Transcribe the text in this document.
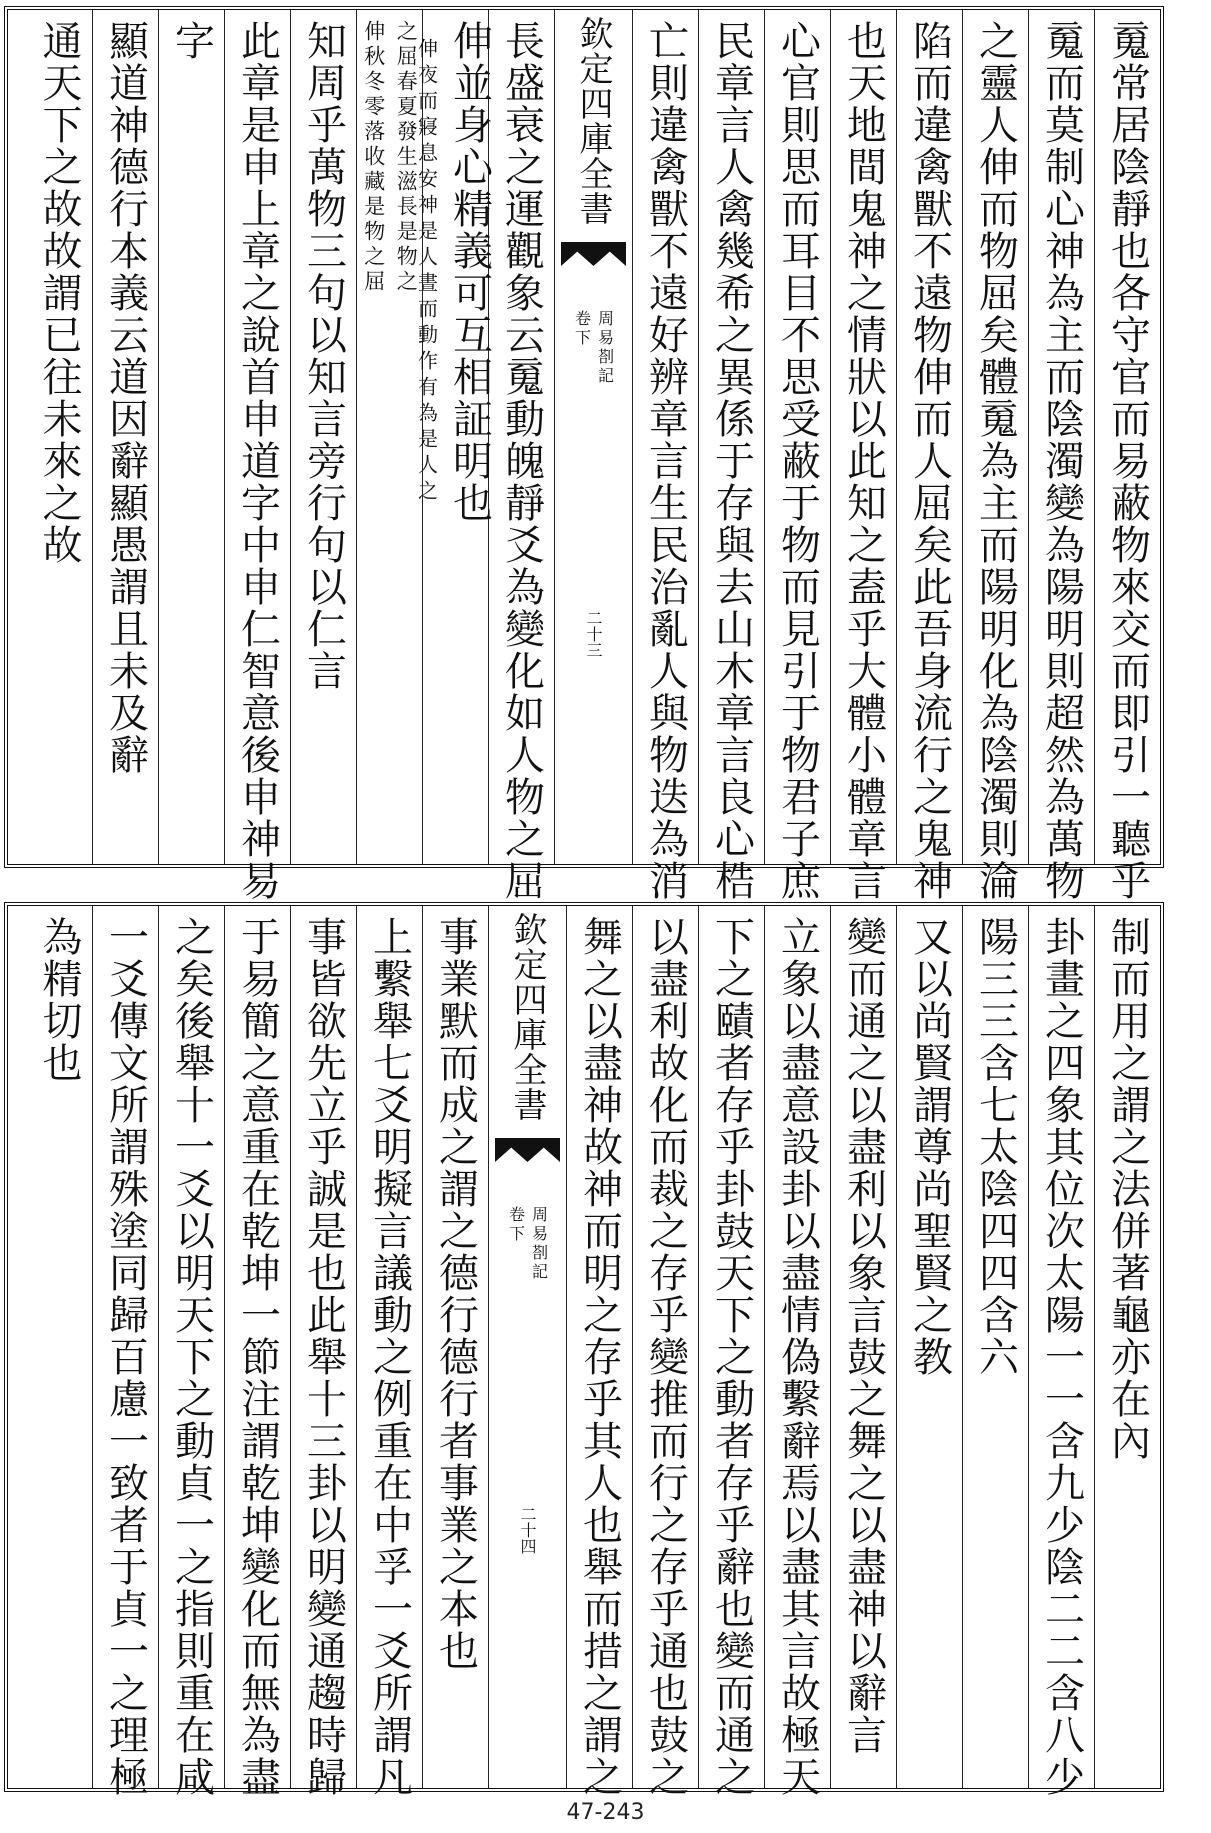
䰟常居陰靜也各守官而易蔽物來交而即引一聽乎
䰟而莫制心神為主而陰濁變為陽明則超然為萬物
之靈人伸而物屈矣體䰟為主而陽明化為陰濁則淪
陷而違禽獸不遠物伸而人屈矣此吾身流行之鬼神
也天地間鬼神之情狀以此知之盍乎大體小體章言
心官則思而耳目不思受蔽于物而見引于物君子庶
民章言人禽幾希之異係于存與去山木章言良心梏
亡則違禽獸不遠好辨章言生民治亂人與物迭為消
欽定四庫全書
周易剳記
卷下
二十三
長盛衰之運觀象云䰟動魄靜爻為變化如人物之屈
伸並身心精義可互相証明也
晝而動作有為是人之
伸夜而寢息安神是人
之屈春夏發生滋長是物之
伸秋冬零落收藏是物之屈
知周乎萬物三句以知言旁行句以仁言
此章是申上章之說首申道字中申仁智意後申神易
字
顯道神德行本義云道因辭顯愚謂且未及辭
通天下之故故謂已往未來之故
制而用之謂之法併著龜亦在內
卦畫之四象其位次太陽一一含九少陰二二含八少
陽三三含七太陰四四含六
又以尚賢謂尊尚聖賢之教
變而通之以盡利以象言鼓之舞之以盡神以辭言
立象以盡意設卦以盡情偽繫辭焉以盡其言故極天
下之賾者存乎卦鼓天下之動者存乎辭也變而通之
以盡利故化而裁之存乎變推而行之存乎通也鼓之
舞之以盡神故神而明之存乎其人也舉而措之謂之
欽定四庫全書
周易剳記
卷下
二十四
事業默而成之謂之德行德行者事業之本也
上繫舉七爻明擬言議動之例重在中孚一爻所謂凡
事皆欲先立乎誠是也此舉十三卦以明變通趨時歸
于易簡之意重在乾坤一節注謂乾坤變化而無為盡
之矣後舉十一爻以明天下之動貞一之指則重在咸
一爻傳文所謂殊塗同歸百慮一致者于貞一之理極
為精切也
47-243
